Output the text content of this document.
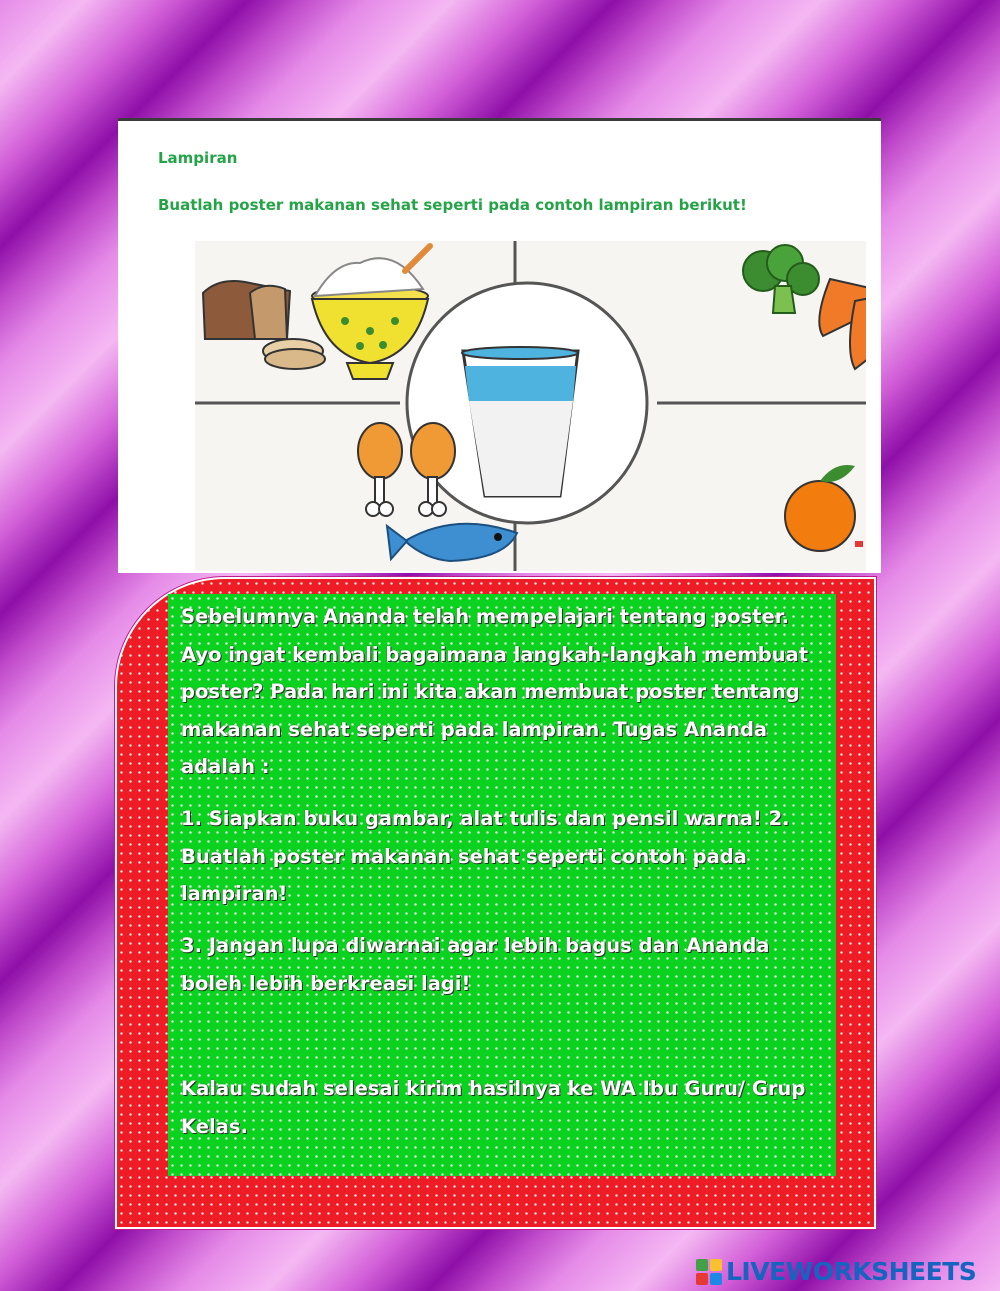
Lampiran

Buatlah poster makanan sehat seperti pada contoh lampiran berikut!

Sebelumnya Ananda telah mempelajari tentang poster. Ayo ingat kembali bagaimana langkah-langkah membuat poster? Pada hari ini kita akan membuat poster tentang makanan sehat seperti pada lampiran. Tugas Ananda adalah :

1. Siapkan buku gambar, alat tulis dan pensil warna! 2. Buatlah poster makanan sehat seperti contoh pada lampiran!

3. Jangan lupa diwarnai agar lebih bagus dan Ananda boleh lebih berkreasi lagi!

Kalau sudah selesai kirim hasilnya ke WA Ibu Guru/ Grup Kelas.

LIVEWORKSHEETS
